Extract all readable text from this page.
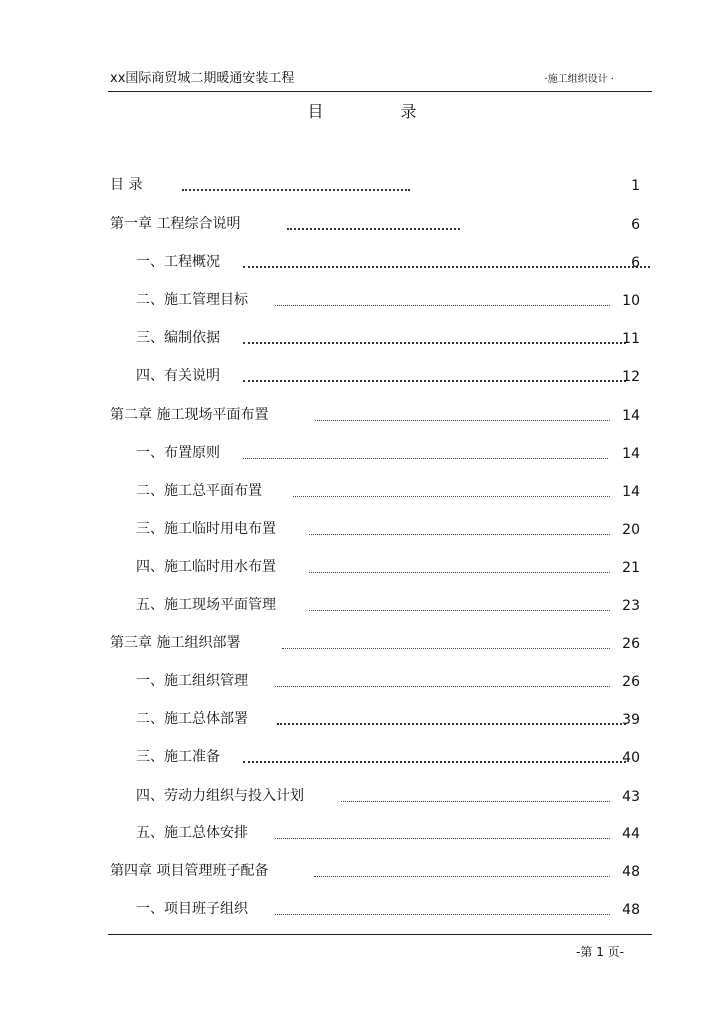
xx国际商贸城二期暖通安装工程	·施工组织设计 ·
目 录
目 录	1
第一章 工程综合说明	6
一、工程概况	6
二、施工管理目标	10
三、编制依据	11
四、有关说明	12
第二章 施工现场平面布置	14
一、布置原则	14
二、施工总平面布置	14
三、施工临时用电布置	20
四、施工临时用水布置	21
五、施工现场平面管理	23
第三章 施工组织部署	26
一、施工组织管理	26
二、施工总体部署	39
三、施工准备	40
四、劳动力组织与投入计划	43
五、施工总体安排	44
第四章 项目管理班子配备	48
一、项目班子组织	48
-第 1 页-
